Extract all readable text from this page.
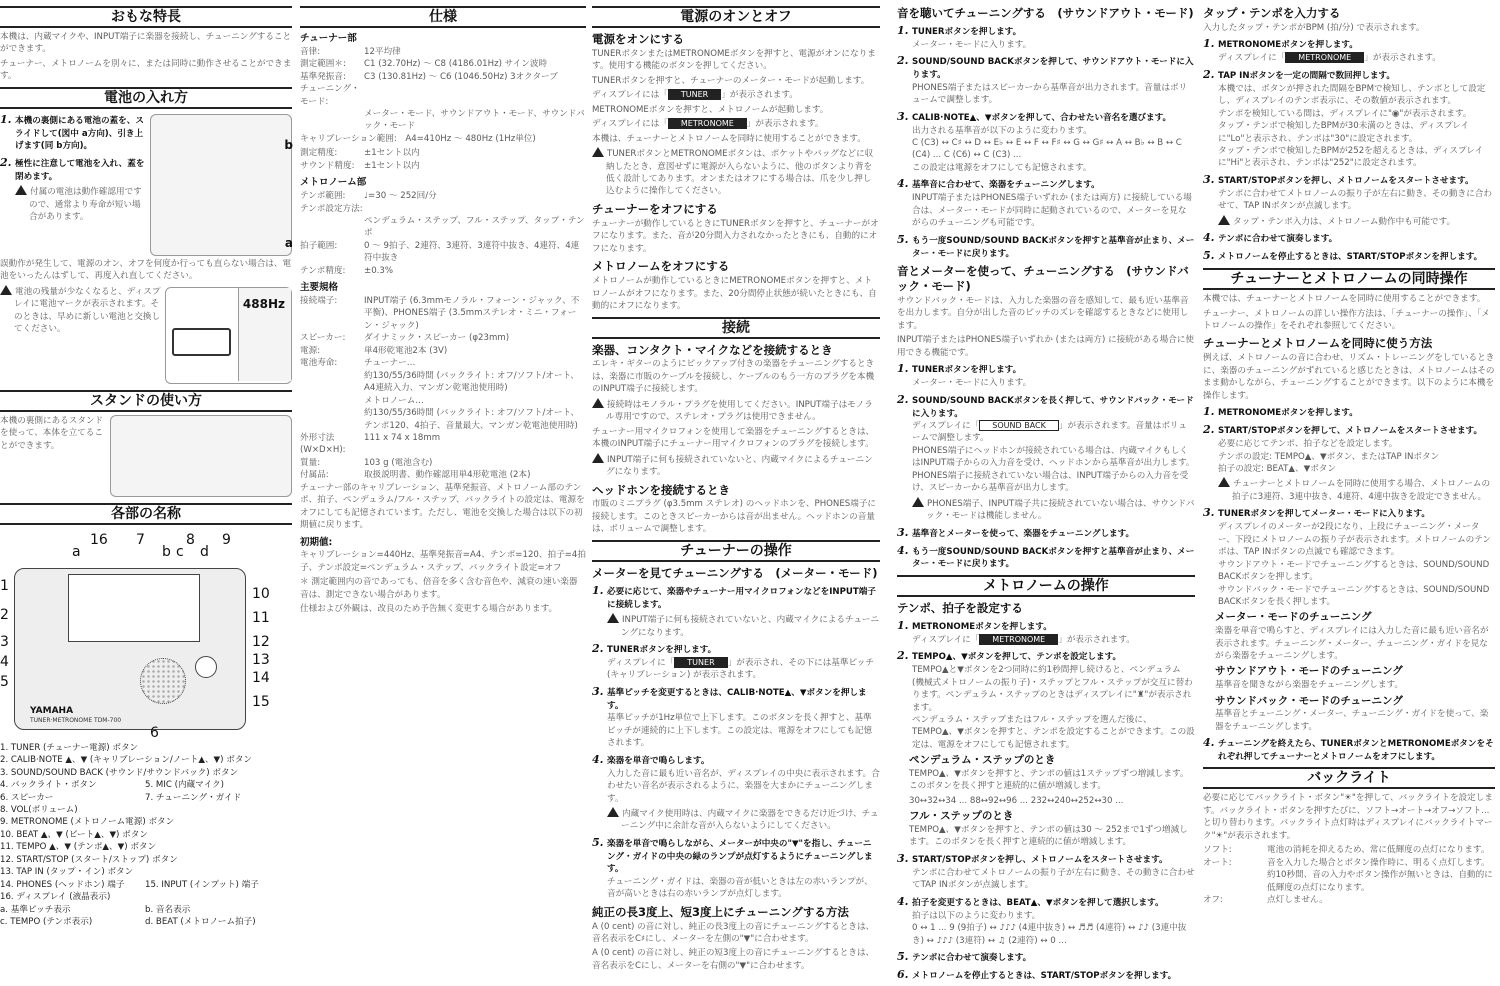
おもな特長
本機は、内蔵マイクや、INPUT端子に楽器を接続し、チューニングすることができます。
チューナー、メトロノームを別々に、または同時に動作させることができます。
電池の入れ方
b
a
1. 本機の裏側にある電池の蓋を、スライドして(図中 a方向)、引き上げます(同 b方向)。
2. 極性に注意して電池を入れ、蓋を閉めます。
付属の電池は動作確認用ですので、通常より寿命が短い場合があります。
誤動作が発生して、電源のオン、オフを何度か行っても直らない場合は、電池をいったんはずして、再度入れ直してください。
488Hz
電池の残量が少なくなると、ディスプレイに電池マークが表示されます。そのときは、早めに新しい電池と交換してください。
スタンドの使い方
本機の裏側にあるスタンドを使って、本体を立てることができます。
各部の名称
YAMAHA
TUNER·METRONOME TDM-700
a
16 7
b c
8
d
9
1
2
3
4
5
10
11
12
13
14
15
6
1. TUNER (チューナー電源) ボタン
2. CALIB·NOTE ▲、▼ (キャリブレーション/ノート▲、▼) ボタン
3. SOUND/SOUND BACK (サウンド/サウンドバック) ボタン
4. バックライト・ボタン	5. MIC (内蔵マイク)
6. スピーカー	7. チューニング・ガイド
8. VOL(ボリューム)
9. METRONOME (メトロノーム電源) ボタン
10. BEAT ▲、▼ (ビート▲、▼) ボタン
11. TEMPO ▲、▼ (テンポ▲、▼) ボタン
12. START/STOP (スタート/ストップ) ボタン
13. TAP IN (タップ・イン) ボタン
14. PHONES (ヘッドホン) 端子	15. INPUT (インプット) 端子
16. ディスプレイ (液晶表示)
a. 基準ピッチ表示	b. 音名表示
c. TEMPO (テンポ表示)	d. BEAT (メトロノーム拍子)
仕様
チューナー部
音律:	12平均律
測定範囲＊:	C1 (32.70Hz) ～ C8 (4186.01Hz) サイン波時
基準発振音:	C3 (130.81Hz) ～ C6 (1046.50Hz) 3オクターブ
チューニング・モード:
メーター・モード、サウンドアウト・モード、サウンドバック・モード
キャリブレーション範囲:　A4=410Hz ～ 480Hz (1Hz単位)
測定精度:	±1セント以内
サウンド精度:	±1セント以内
メトロノーム部
テンポ範囲:	♩=30 ～ 252回/分
テンポ設定方法:
ペンデュラム・ステップ、フル・ステップ、タップ・テンポ
拍子範囲:	0 ～ 9拍子、2連符、3連符、3連符中抜き、4連符、4連符中抜き
テンポ精度:	±0.3%
主要規格
接続端子:	INPUT端子 (6.3mmモノラル・フォーン・ジャック、不平衡)、PHONES端子 (3.5mmステレオ・ミニ・フォーン・ジャック)
スピーカー:	ダイナミック・スピーカー (φ23mm)
電源:	単4形乾電池2本 (3V)
電池寿命:	チューナー…
約130/55/36時間 (バックライト: オフ/ソフト/オート、A4連続入力、マンガン乾電池使用時)
メトロノーム…
約130/55/36時間 (バックライト: オフ/ソフト/オート、テンポ120、4拍子、音量最大、マンガン乾電池使用時)
外形寸法 (W×D×H):
111 x 74 x 18mm
質量:	103 g (電池含む)
付属品:	取扱説明書、動作確認用単4形乾電池 (2本)
チューナー部のキャリブレーション、基準発振音、メトロノーム部のテンポ、拍子、ペンデュラム/フル・ステップ、バックライトの設定は、電源をオフにしても記憶されています。ただし、電池を交換した場合は以下の初期値に戻ります。
初期値:
キャリブレーション=440Hz、基準発振音=A4、テンポ=120、拍子=4拍子、テンポ設定=ペンデュラム・ステップ、バックライト設定=オフ
＊ 測定範囲内の音であっても、倍音を多く含む音色や、減衰の速い楽器音は、測定できない場合があります。
仕様および外観は、改良のため予告無く変更する場合があります。
電源のオンとオフ
電源をオンにする
TUNERボタンまたはMETRONOMEボタンを押すと、電源がオンになります。使用する機能のボタンを押してください。
TUNERボタンを押すと、チューナーのメーター・モードが起動します。
ディスプレイには「 TUNER 」が表示されます。
METRONOMEボタンを押すと、メトロノームが起動します。
ディスプレイには「 METRONOME 」が表示されます。
本機は、チューナーとメトロノームを同時に使用することができます。
TUNERボタンとMETRONOMEボタンは、ポケットやバッグなどに収納したとき、意図せずに電源が入らないように、他のボタンより背を低く設計してあります。オンまたはオフにする場合は、爪を少し押し込むように操作してください。
チューナーをオフにする
チューナーが動作しているときにTUNERボタンを押すと、チューナーがオフになります。また、音が20分間入力されなかったときにも、自動的にオフになります。
メトロノームをオフにする
メトロノームが動作しているときにMETRONOMEボタンを押すと、メトロノームがオフになります。また、20分間停止状態が続いたときにも、自動的にオフになります。
接続
楽器、コンタクト・マイクなどを接続するとき
エレキ・ギターのようにピックアップ付きの楽器をチューニングするときは、楽器に市販のケーブルを接続し、ケーブルのもう一方のプラグを本機のINPUT端子に接続します。
接続時はモノラル・プラグを使用してください。INPUT端子はモノラル専用ですので、ステレオ・プラグは使用できません。
チューナー用マイクロフォンを使用して楽器をチューニングするときは、本機のINPUT端子にチューナー用マイクロフォンのプラグを接続します。
INPUT端子に何も接続されていないと、内蔵マイクによるチューニングになります。
ヘッドホンを接続するとき
市販のミニプラグ (φ3.5mm ステレオ) のヘッドホンを、PHONES端子に接続します。このときスピーカーからは音が出ません。ヘッドホンの音量は、ボリュームで調整します。
チューナーの操作
メーターを見てチューニングする　(メーター・モード)
1. 必要に応じて、楽器やチューナー用マイクロフォンなどをINPUT端子に接続します。
INPUT端子に何も接続されていないと、内蔵マイクによるチューニングになります。
2. TUNERボタンを押します。
ディスプレイに「 TUNER 」が表示され、その下には基準ピッチ (キャリブレーション) が表示されます。
3. 基準ピッチを変更するときは、CALIB·NOTE▲、▼ボタンを押します。
基準ピッチが1Hz単位で上下します。このボタンを長く押すと、基準ピッチが連続的に上下します。この設定は、電源をオフにしても記憶されます。
4. 楽器を単音で鳴らします。
入力した音に最も近い音名が、ディスプレイの中央に表示されます。合わせたい音名が表示されるように、楽器を大まかにチューニングします。
内蔵マイク使用時は、内蔵マイクに楽器をできるだけ近づけ、チューニング中に余計な音が入らないようにしてください。
5. 楽器を単音で鳴らしながら、メーターが中央の"▼"を指し、チューニング・ガイドの中央の緑のランプが点灯するようにチューニングします。
チューニング・ガイドは、楽器の音が低いときは左の赤いランプが、音が高いときは右の赤いランプが点灯します。
純正の長3度上、短3度上にチューニングする方法
A (0 cent) の音に対し、純正の長3度上の音にチューニングするときは、音名表示をC♯にし、メーターを左側の"▼"に合わせます。
A (0 cent) の音に対し、純正の短3度上の音にチューニングするときは、音名表示をCにし、メーターを右側の"▼"に合わせます。
音を聴いてチューニングする　(サウンドアウト・モード)
1. TUNERボタンを押します。
メーター・モードに入ります。
2. SOUND/SOUND BACKボタンを押して、サウンドアウト・モードに入ります。
PHONES端子またはスピーカーから基準音が出力されます。音量はボリュームで調整します。
3. CALIB·NOTE▲、▼ボタンを押して、合わせたい音名を選びます。
出力される基準音が以下のように変わります。
C (C3) ↔ C♯ ↔ D ↔ E♭ ↔ E ↔ F ↔ F♯ ↔ G ↔ G♯ ↔ A ↔ B♭ ↔ B ↔ C (C4) ... C (C6) ↔ C (C3) ...
この設定は電源をオフにしても記憶されます。
4. 基準音に合わせて、楽器をチューニングします。
INPUT端子またはPHONES端子いずれか (または両方) に接続している場合は、メーター・モードが同時に起動されているので、メーターを見ながらのチューニングも可能です。
5. もう一度SOUND/SOUND BACKボタンを押すと基準音が止まり、メーター・モードに戻ります。
音とメーターを使って、チューニングする　(サウンドバック・モード)
サウンドバック・モードは、入力した楽器の音を感知して、最も近い基準音を出力します。自分が出した音のピッチのズレを確認するときなどに使用します。
INPUT端子またはPHONES端子いずれか (または両方) に接続がある場合に使用できる機能です。
1. TUNERボタンを押します。
メーター・モードに入ります。
2. SOUND/SOUND BACKボタンを長く押して、サウンドバック・モードに入ります。
ディスプレイに「 SOUND BACK 」が表示されます。音量はボリュームで調整します。
PHONES端子にヘッドホンが接続されている場合は、内蔵マイクもしくはINPUT端子からの入力音を受け、ヘッドホンから基準音が出力します。
PHONES端子に接続されていない場合は、INPUT端子からの入力音を受け、スピーカーから基準音が出力します。
PHONES端子、INPUT端子共に接続されていない場合は、サウンドバック・モードは機能しません。
3. 基準音とメーターを使って、楽器をチューニングします。
4. もう一度SOUND/SOUND BACKボタンを押すと基準音が止まり、メーター・モードに戻ります。
メトロノームの操作
テンポ、拍子を設定する
1. METRONOMEボタンを押します。
ディスプレイに「 METRONOME 」が表示されます。
2. TEMPO▲、▼ボタンを押して、テンポを設定します。
TEMPO▲と▼ボタンを2つ同時に約1秒間押し続けると、ペンデュラム (機械式メトロノームの振り子)・ステップとフル・ステップが交互に替わります。ペンデュラム・ステップのときはディスプレイに"♜"が表示されます。
ペンデュラム・ステップまたはフル・ステップを選んだ後に、TEMPO▲、▼ボタンを押すと、テンポを設定することができます。この設定は、電源をオフにしても記憶されます。
ペンデュラム・ステップのとき
TEMPO▲、▼ボタンを押すと、テンポの値は1ステップずつ増減します。このボタンを長く押すと連続的に値が増減します。
30↔32↔34 ... 88↔92↔96 ... 232↔240↔252↔30 ...
フル・ステップのとき
TEMPO▲、▼ボタンを押すと、テンポの値は30 ～ 252まで1ずつ増減します。このボタンを長く押すと連続的に値が増減します。
3. START/STOPボタンを押し、メトロノームをスタートさせます。
テンポに合わせてメトロノームの振り子が左右に動き、その動きに合わせてTAP INボタンが点滅します。
4. 拍子を変更するときは、BEAT▲、▼ボタンを押して選択します。
拍子は以下のように変わります。
0 ↔ 1 ... 9 (9拍子) ↔ ♪♪♪ (4連中抜き) ↔ ♬♬ (4連符) ↔ ♪♪ (3連中抜き) ↔ ♪♪♪ (3連符) ↔ ♫ (2連符) ↔ 0 ...
5. テンポに合わせて演奏します。
6. メトロノームを停止するときは、START/STOPボタンを押します。
タップ・テンポを入力する
入力したタップ・テンポがBPM (拍/分) で表示されます。
1. METRONOMEボタンを押します。
ディスプレイに「 METRONOME 」が表示されます。
2. TAP INボタンを一定の間隔で数回押します。
本機では、ボタンが押された間隔をBPMで検知し、テンポとして設定し、ディスプレイのテンポ表示に、その数値が表示されます。
テンポを検知している間は、ディスプレイに"◉"が表示されます。
タップ・テンポで検知したBPMが30未満のときは、ディスプレイに"Lo"と表示され、テンポは"30"に設定されます。
タップ・テンポで検知したBPMが252を超えるときは、ディスプレイに"Hi"と表示され、テンポは"252"に設定されます。
3. START/STOPボタンを押し、メトロノームをスタートさせます。
テンポに合わせてメトロノームの振り子が左右に動き、その動きに合わせて、TAP INボタンが点滅します。
タップ・テンポ入力は、メトロノーム動作中も可能です。
4. テンポに合わせて演奏します。
5. メトロノームを停止するときは、START/STOPボタンを押します。
チューナーとメトロノームの同時操作
本機では、チューナーとメトロノームを同時に使用することができます。
チューナー、メトロノームの詳しい操作方法は、「チューナーの操作」、「メトロノームの操作」をそれぞれ参照してください。
チューナーとメトロノームを同時に使う方法
例えば、メトロノームの音に合わせ、リズム・トレーニングをしているときに、楽器のチューニングがずれていると感じたときは、メトロノームはそのまま動かしながら、チューニングすることができます。以下のように本機を操作します。
1. METRONOMEボタンを押します。
2. START/STOPボタンを押して、メトロノームをスタートさせます。
必要に応じてテンポ、拍子などを設定します。
テンポの設定: TEMPO▲、▼ボタン、またはTAP INボタン
拍子の設定: BEAT▲、▼ボタン
チューナーとメトロノームを同時に使用する場合、メトロノームの拍子に3連符、3連中抜き、4連符、4連中抜きを設定できません。
3. TUNERボタンを押してメーター・モードに入ります。
ディスプレイのメーターが2段になり、上段にチューニング・メーター、下段にメトロノームの振り子が表示されます。メトロノームのテンポは、TAP INボタンの点滅でも確認できます。
サウンドアウト・モードでチューニングするときは、SOUND/SOUND BACKボタンを押します。
サウンドバック・モードでチューニングするときは、SOUND/SOUND BACKボタンを長く押します。
メーター・モードのチューニング
楽器を単音で鳴らすと、ディスプレイには入力した音に最も近い音名が表示されます。チューニング・メーター、チューニング・ガイドを見ながら楽器をチューニングします。
サウンドアウト・モードのチューニング
基準音を聞きながら楽器をチューニングします。
サウンドバック・モードのチューニング
基準音とチューニング・メーター、チューニング・ガイドを使って、楽器をチューニングします。
4. チューニングを終えたら、TUNERボタンとMETRONOMEボタンをそれぞれ押してチューナーとメトロノームをオフにします。
バックライト
必要に応じてバックライト・ボタン"☀"を押して、バックライトを設定します。バックライト・ボタンを押すたびに、ソフト→オート→オフ→ソフト... と切り替わります。バックライト点灯時はディスプレイにバックライトマーク"☀"が表示されます。
ソフト:	電池の消耗を抑えるため、常に低輝度の点灯になります。
オート:	音を入力した場合とボタン操作時に、明るく点灯します。約10秒間、音の入力やボタン操作が無いときは、自動的に低輝度の点灯になります。
オフ:	点灯しません。
